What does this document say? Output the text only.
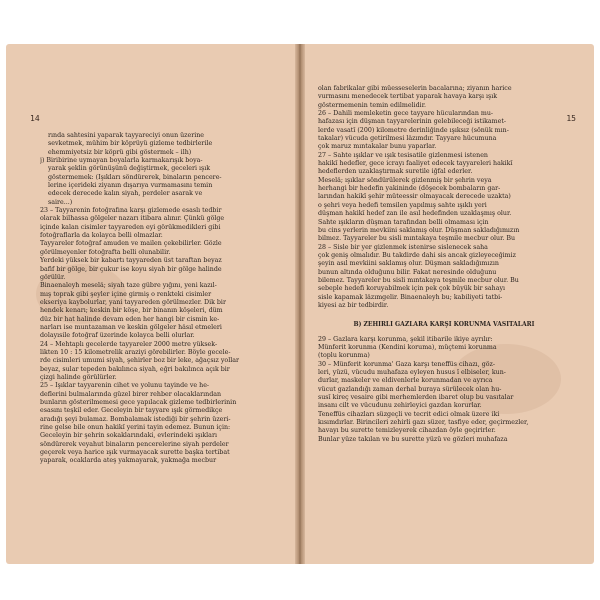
14	15
rında sahtesini yaparak tayyareciyi onun üzerine
sevketmek, mühim bir köprüyü gizleme tedbirlerile
ehemmiyetsiz bir köprü gibi göstermek – ilh)
j) Biribirine uymayan boyalarla karmakarışık boya-
yarak şeklin görünüşünü değiştirmek, geceleri ışık
göstermemek: (Işıkları söndürerek, binaların pencere-
lerine içerideki ziyanın dışarıya vurmamasını temin
edecek derecede kalın siyah, perdeler asarak ve
saire...)
23 – Tayyarenin fotoğrafına karşı gizlemede esaslı tedbir
olarak bilhassa gölgeler nazarı itibara alınır. Çünkü gölge
içinde kalan cisimler tayyareden eyi görükmedikleri gibi
fotoğraflarla da kolayca belli olmazlar.
Tayyareler fotoğraf amuden ve mailen çekebilirler. Gözle
görülmeyenler fotoğrafta belli olunabilir.
Yerdeki yüksek bir kabartı tayyareden üst taraftan beyaz
bafif bir gölge, bir çukur ise koyu siyah bir gölge halinde
görülür.
Binaenaleyh meselâ; siyah taze gübre yığını, yeni kazıl-
mış toprak gibi şeyler içine girmiş o renkteki cisimler
ekseriya kaybolurlar, yani tayyareden görülmezler. Dik bir
hendek kenarı; keskin bir köşe, bir binanın köşeleri, düm
düz bir hat halinde devam eden her hangi bir cismin ke-
narları ise muntazaman ve keskin gölgeler hâsıl etmeleri
dolayısile fotoğraf üzerinde kolayca belli olurlar.
24 – Mehtaplı gecelerde tayyareler 2000 metre yüksek-
likten 10 : 15 kilometrelik araziyi görebilirler. Böyle gecele-
rde cisimleri umumi siyah, şehirler boz bir leke, ağaçsız yollar
beyaz, sular tepeden bakılınca siyah, eğri bakılınca açık bir
çizgi halinde görülürler.
25 – Işıklar tayyarenin cihet ve yolunu tayinde ve he-
deflerini bulmalarında güzel birer rehber olacaklarından
bunların gösterilmemesi gece yapılacak gizleme tedbirlerinin
esasını teşkil eder. Geceleyin bir tayyare ışık görmedikçe
aradığı şeyi bulamaz. Bombalamak istediği bir şehrin üzeri-
rine gelse bile onun hakikî yerini tayin edemez. Bunun için:
Geceleyin bir şehrin sokaklarındaki, evlerindeki ışıkları
söndürerek veyahut binaların pencerelerine siyah perdeler
geçerek veya harice ışık vurmayacak surette başka tertibat
yaparak, ocaklarda ateş yakmayarak, yakmağa mecbur
olan fabrikalar gibi müesseselerin bacalarına; ziyanın harice
vurmasını menedecek tertibat yaparak havaya karşı ışık
göstermemenin temin edilmelidir.
26 – Dahili memleketin gece tayyare hücularından mu-
hafazası için düşman tayyarelerinin gelebileceği istikamet-
lerde vasatî (200) kilometre derinliğinde ışıksız (sönük mın-
takalar) vücuda getirilmesi lâzımdır. Tayyare hücumuna
çok maruz mıntakalar bunu yaparlar.
27 – Sahte ışıklar ve ışık tesisatile gizlenmesi istenen
hakikî hedefler, gece icrayı faaliyet edecek tayyareleri hakikî
hedeflerden uzaklaştırmak suretile iğfal ederler.
Meselâ; ışıklar söndürülerek gizlenmiş bir şehrin veya
herhangi bir hedefin yakininde (döşecek bombaların gar-
larından hakikî şehir müteessir olmayacak derecede uzakta)
o şehri veya hedefi temsilen yapılmış sahte ışıklı yeri
düşman hakikî hedef zan ile asıl hedefinden uzaklaşmış olur.
Sahte ışıkların düşman tarafından belli olmaması için
bu cins yerlerin mevkiini saklamış olur. Düşman sakladığımızın
bilmez. Tayyareler bu sisli mıntakaya teşmile mecbur olur. Bu
28 – Sisle bir yer gizlenmek istenirse sislenecek saha
çok geniş olmalıdır. Bu takdirde dahi sis ancak gizleyeceğimiz
şeyin asıl mevkiini saklamış olur. Düşman sakladığımızın
bunun altında olduğunu bilir. Fakat neresinde olduğunu
bilemez. Tayyareler bu sisli mıntakaya teşmile mecbur olur. Bu
sebeple hedefi koruyabilmek için pek çok büyük bir sahayı
sisle kapamak lâzımgelir. Binaenaleyh bu; kabiliyeti tatbi-
kiyesi az bir tedbirdir.
B) ZEHİRLİ GAZLARA KARŞI KORUNMA VASITALARI
29 – Gazlara karşı korunma, şekil itibarile ikiye ayrılır:
Münferit korunma (Kendini koruma), müçtemi korunma
(toplu korunma)
30 – Münferit korunma' Gaza karşı teneffüs cihazı, göz-
leri, yüzü, vücudu muhafaza eyleyen husus î elbiseler, kun-
durlar, maskeler ve eldivenlerle korunmadan ve ayrıca
vücut gazlandığı zaman derhal buraya sürülecek olan hu-
susî kireç vesaire gibi merhemlerden ibaret olup bu vasıtalar
insanı cilt ve vücudunu zehirleyici gazdan korurlar.
Teneffüs cihazları süzgeçli ve tecrit edici olmak üzere iki
kısımdırlar. Birincileri zehirli gazı süzer, tasfiye eder, geçirmezler,
havayı bu surette temizleyerek cihazdan öyle geçirirler.
Bunlar yüze takılan ve bu surette yüzü ve gözleri muhafaza
